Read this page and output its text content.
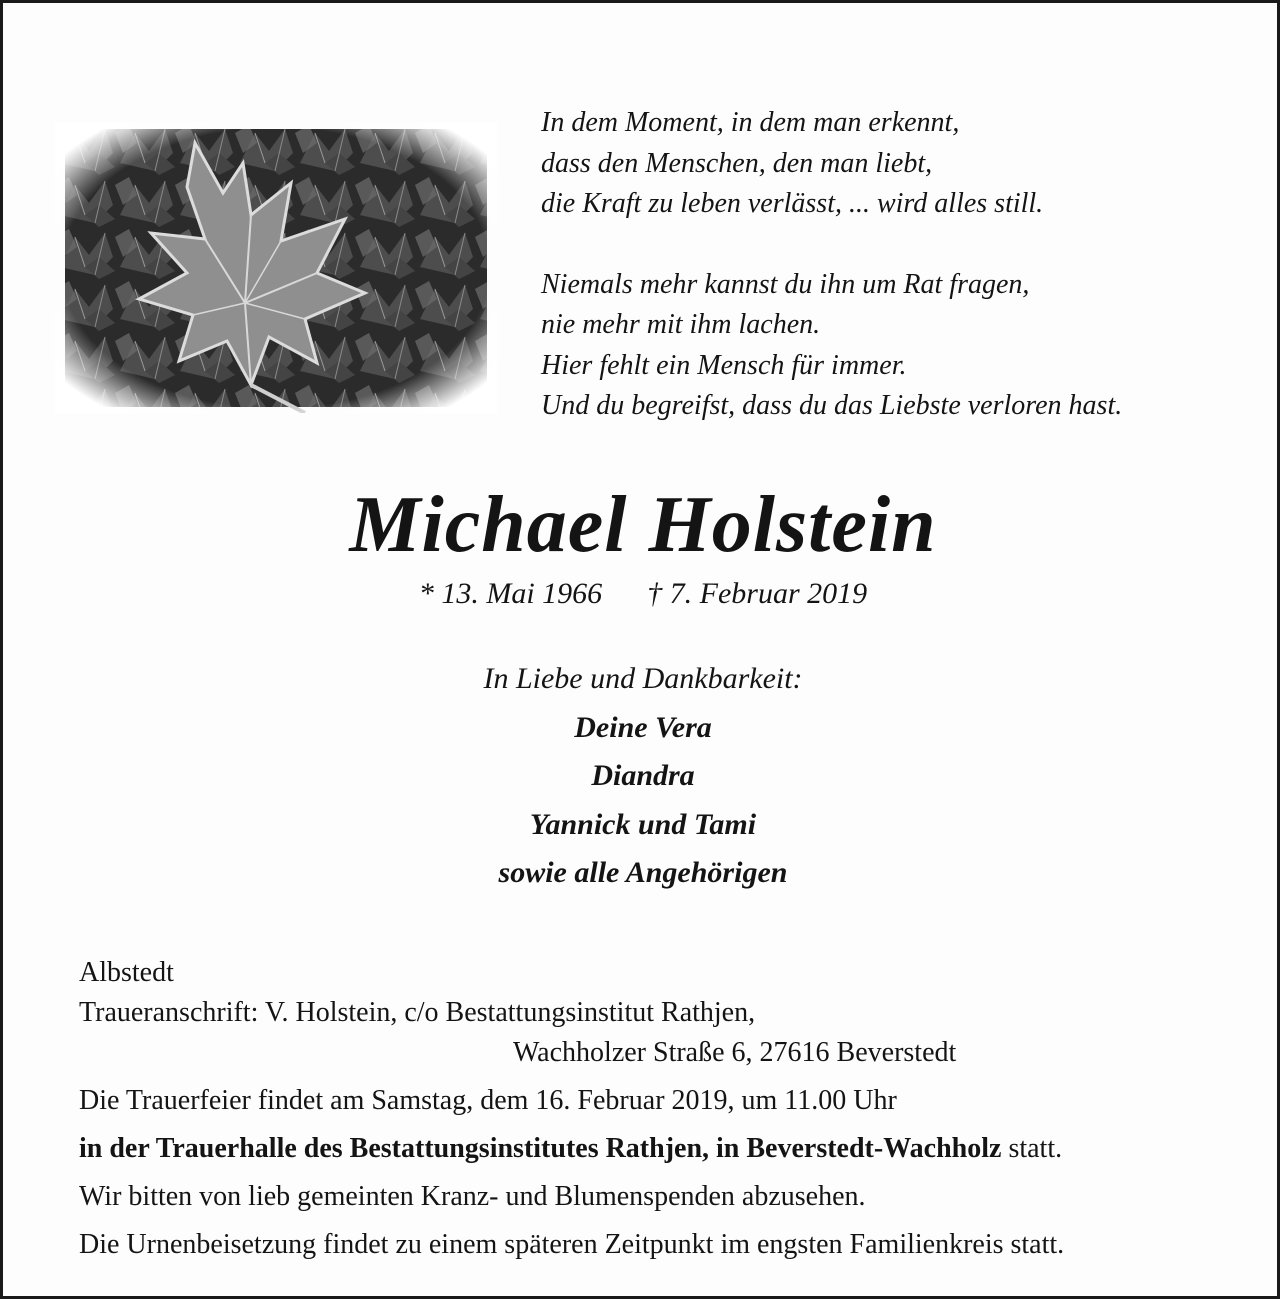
In dem Moment, in dem man erkennt,
dass den Menschen, den man liebt,
die Kraft zu leben verlässt, ... wird alles still.
Niemals mehr kannst du ihn um Rat fragen,
nie mehr mit ihm lachen.
Hier fehlt ein Mensch für immer.
Und du begreifst, dass du das Liebste verloren hast.
Michael Holstein
* 13. Mai 1966 † 7. Februar 2019
In Liebe und Dankbarkeit:
Deine Vera
Diandra
Yannick und Tami
sowie alle Angehörigen
Albstedt
Traueranschrift: V. Holstein, c/o Bestattungsinstitut Rathjen,
Wachholzer Straße 6, 27616 Beverstedt
Die Trauerfeier findet am Samstag, dem 16. Februar 2019, um 11.00 Uhr
in der Trauerhalle des Bestattungsinstitutes Rathjen, in Beverstedt-Wachholz statt.
Wir bitten von lieb gemeinten Kranz- und Blumenspenden abzusehen.
Die Urnenbeisetzung findet zu einem späteren Zeitpunkt im engsten Familienkreis statt.
